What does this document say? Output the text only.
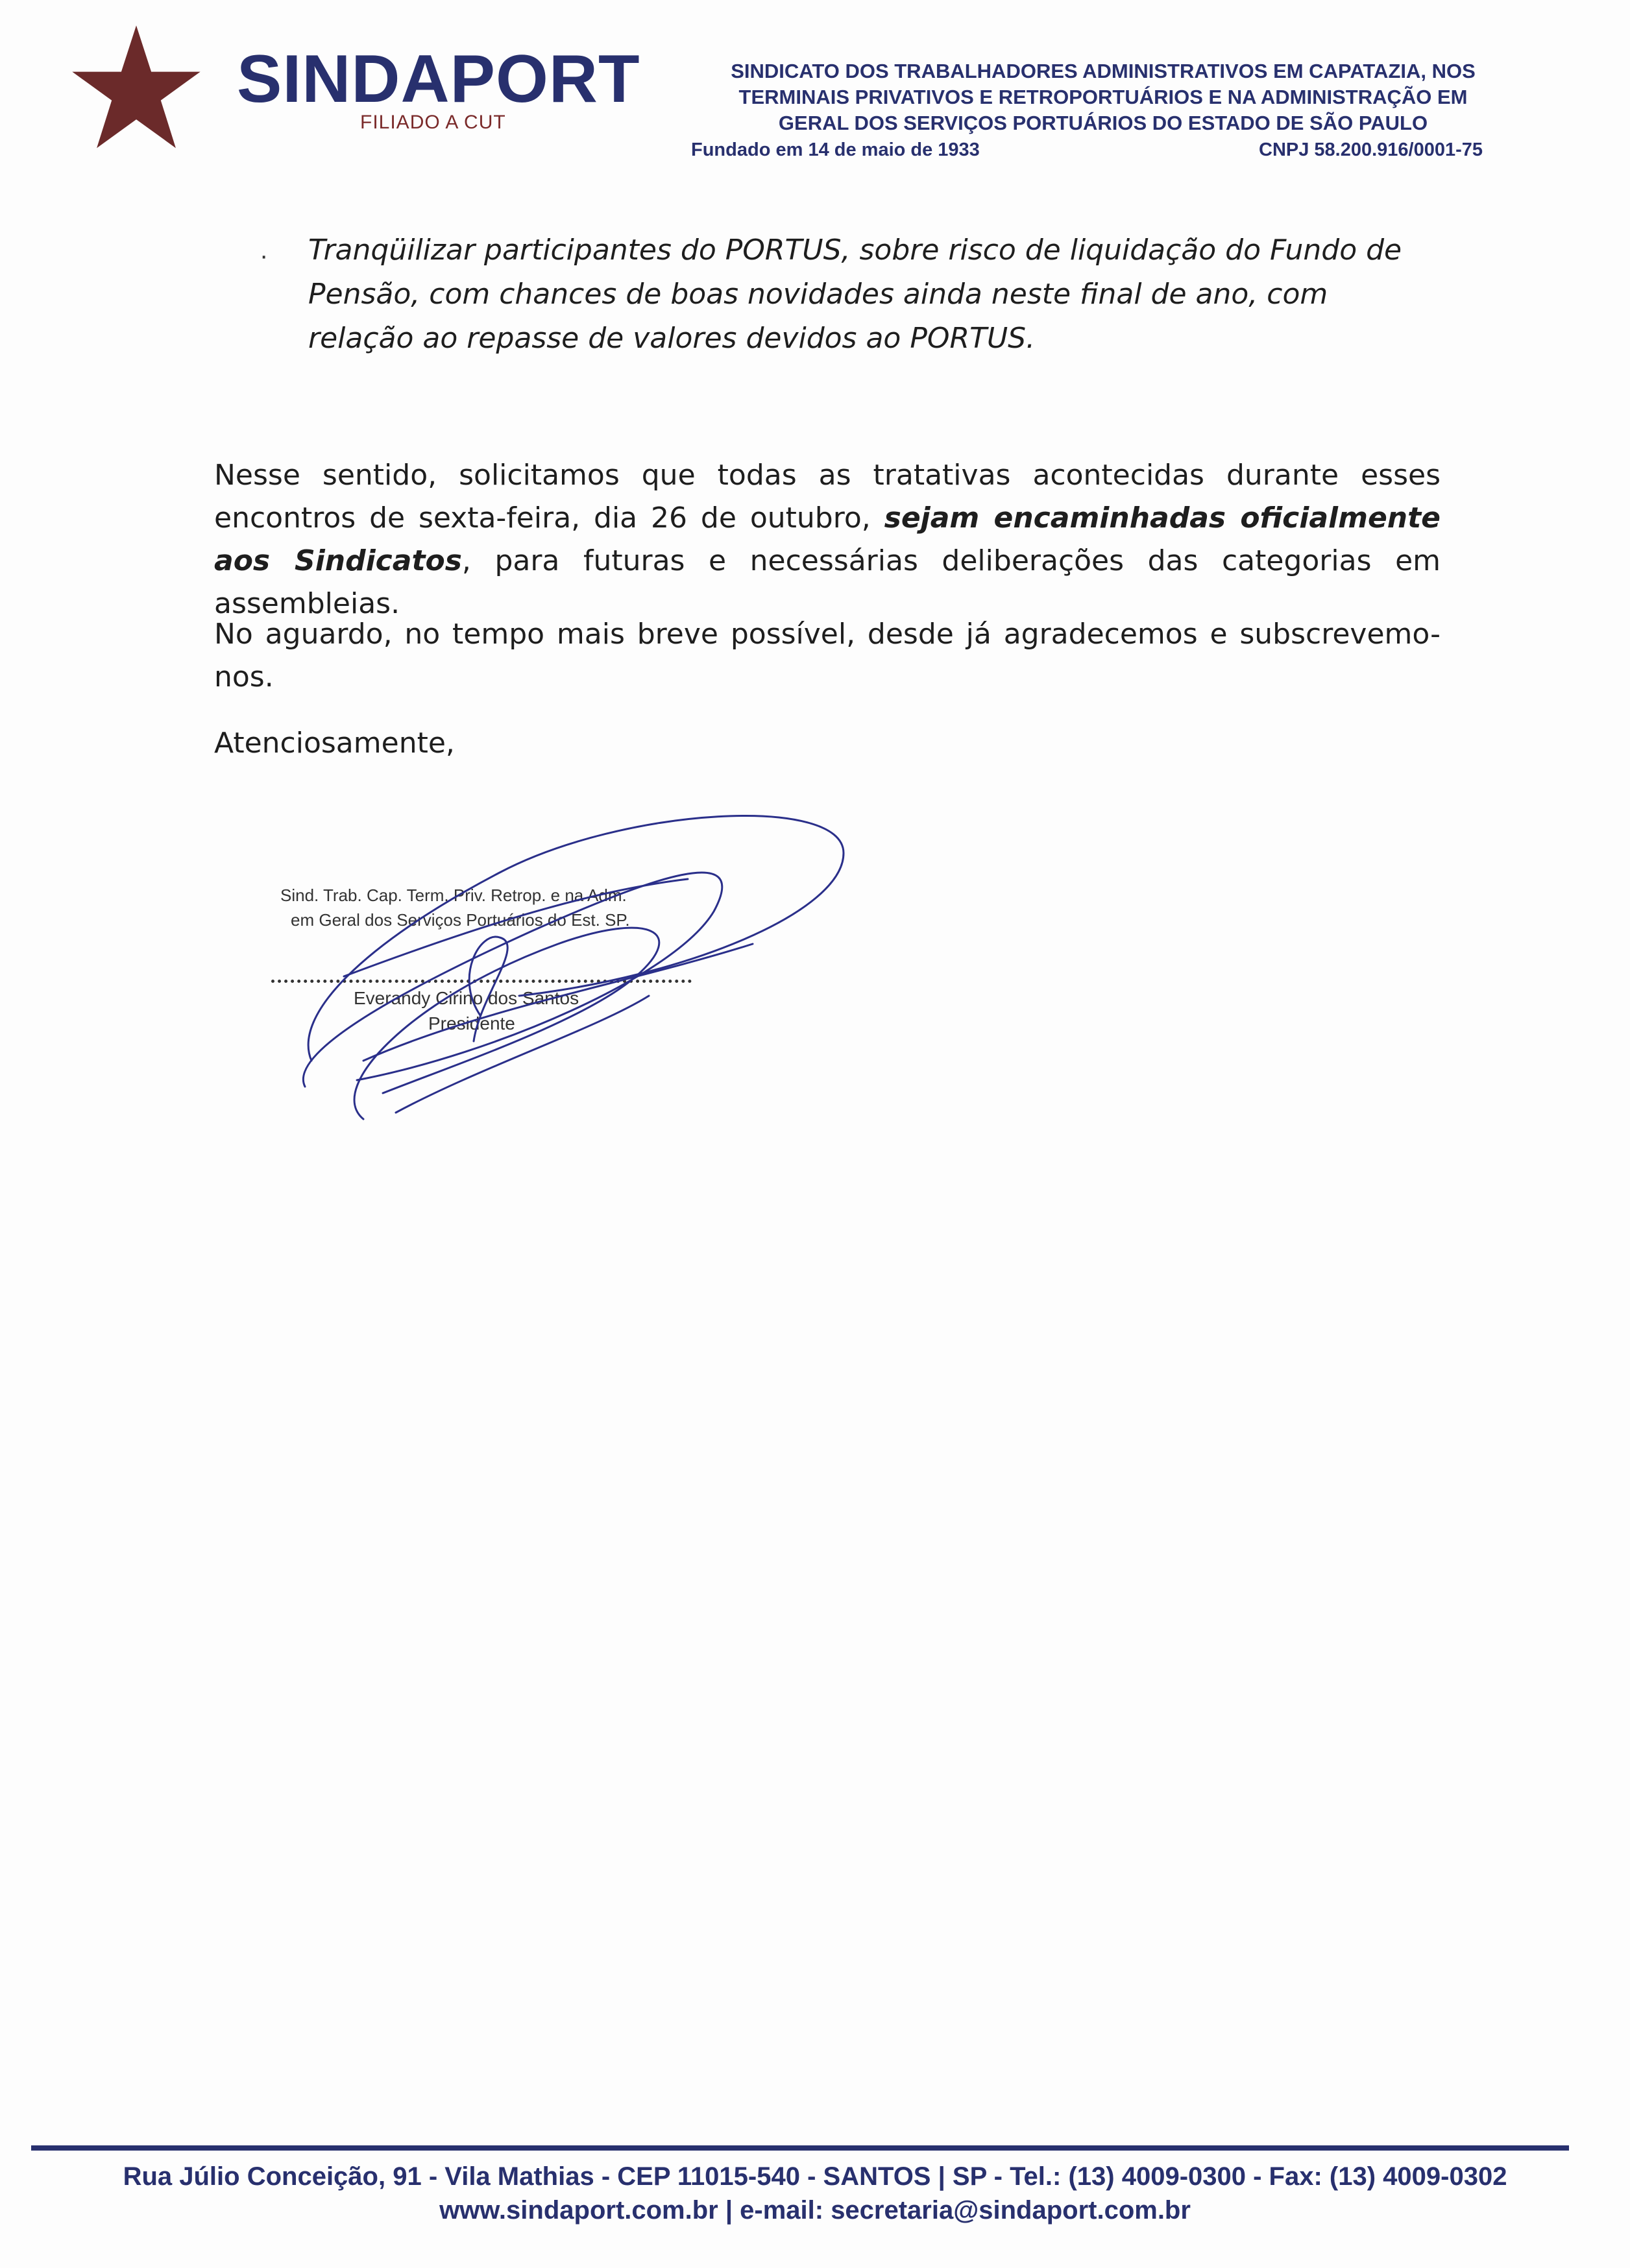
SINDAPORT
FILIADO A CUT
SINDICATO DOS TRABALHADORES ADMINISTRATIVOS EM CAPATAZIA, NOS
TERMINAIS PRIVATIVOS E RETROPORTUÁRIOS E NA ADMINISTRAÇÃO EM
GERAL DOS SERVIÇOS PORTUÁRIOS DO ESTADO DE SÃO PAULO
Fundado em 14 de maio de 1933	CNPJ 58.200.916/0001-75
· Tranqüilizar participantes do PORTUS, sobre risco de liquidação do Fundo de Pensão, com chances de boas novidades ainda neste final de ano, com relação ao repasse de valores devidos ao PORTUS.
Nesse sentido, solicitamos que todas as tratativas acontecidas durante esses encontros de sexta-feira, dia 26 de outubro, sejam encaminhadas oficialmente aos Sindicatos, para futuras e necessárias deliberações das categorias em assembleias.
No aguardo, no tempo mais breve possível, desde já agradecemos e subscrevemo-nos.
Atenciosamente,
Sind. Trab. Cap. Term. Priv. Retrop. e na Adm.
em Geral dos Serviços Portuários do Est. SP.
Everandy Cirino dos Santos
Presidente
Rua Júlio Conceição, 91 - Vila Mathias - CEP 11015-540 - SANTOS | SP - Tel.: (13) 4009-0300 - Fax: (13) 4009-0302
www.sindaport.com.br | e-mail: secretaria@sindaport.com.br
